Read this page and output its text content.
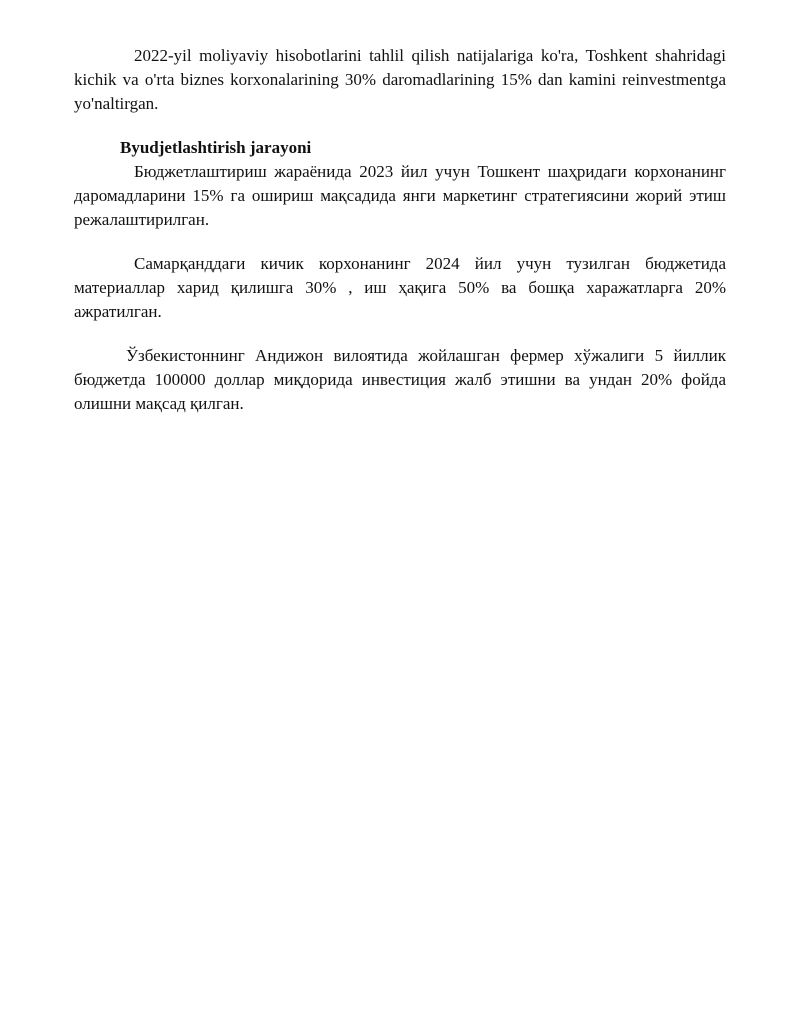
2022-yil moliyaviy hisobotlarini tahlil qilish natijalariga ko'ra, Toshkent shahridagi kichik va o'rta biznes korxonalarining 30% daromadlarining 15% dan kamini reinvestmentga yo'naltirgan.

Byudjetlashtirish jarayoni

Бюджетлаштириш жараёнида 2023 йил учун Тошкент шаҳридаги корхонанинг даромадларини 15% га ошириш мақсадида янги маркетинг стратегиясини жорий этиш режалаштирилган.

Самарқанддаги кичик корхонанинг 2024 йил учун тузилган бюджетида материаллар харид қилишга 30% , иш ҳақига 50% ва бошқа харажатларга 20% ажратилган.

Ўзбекистоннинг Андижон вилоятида жойлашган фермер хўжалиги 5 йиллик бюджетда 100000 доллар миқдорида инвестиция жалб этишни ва ундан 20% фойда олишни мақсад қилган.
